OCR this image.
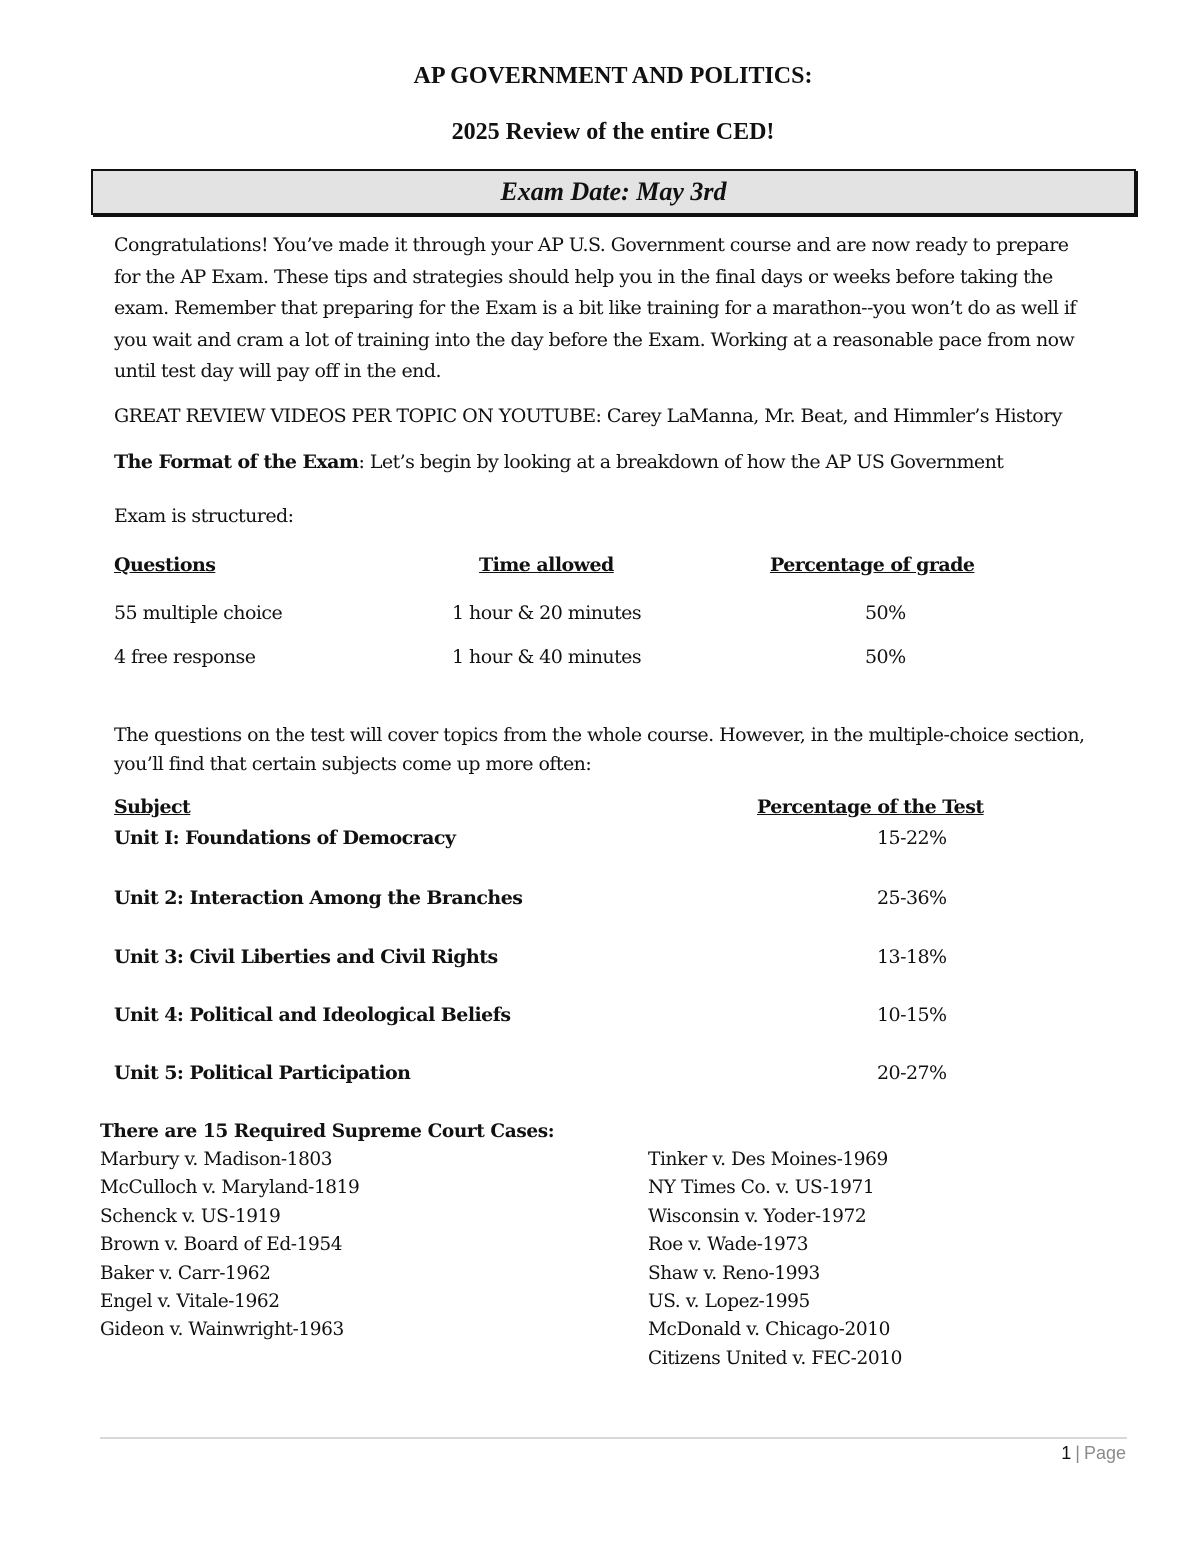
AP GOVERNMENT AND POLITICS:
2025 Review of the entire CED!
Exam Date: May 3rd

Congratulations! You’ve made it through your AP U.S. Government course and are now ready to prepare for the AP Exam. These tips and strategies should help you in the final days or weeks before taking the exam. Remember that preparing for the Exam is a bit like training for a marathon--you won’t do as well if you wait and cram a lot of training into the day before the Exam. Working at a reasonable pace from now until test day will pay off in the end.

GREAT REVIEW VIDEOS PER TOPIC ON YOUTUBE: Carey LaManna, Mr. Beat, and Himmler’s History
The Format of the Exam: Let’s begin by looking at a breakdown of how the AP US Government
Exam is structured:
Questions	Time allowed	Percentage of grade
55 multiple choice	1 hour & 20 minutes	50%
4 free response	1 hour & 40 minutes	50%

The questions on the test will cover topics from the whole course. However, in the multiple-choice section, you’ll find that certain subjects come up more often:

Subject	Percentage of the Test
Unit I: Foundations of Democracy	15-22%
Unit 2: Interaction Among the Branches	25-36%
Unit 3: Civil Liberties and Civil Rights	13-18%
Unit 4: Political and Ideological Beliefs	10-15%
Unit 5: Political Participation	20-27%
There are 15 Required Supreme Court Cases:
Marbury v. Madison-1803
McCulloch v. Maryland-1819
Schenck v. US-1919
Brown v. Board of Ed-1954
Baker v. Carr-1962
Engel v. Vitale-1962
Gideon v. Wainwright-1963
Tinker v. Des Moines-1969
NY Times Co. v. US-1971
Wisconsin v. Yoder-1972
Roe v. Wade-1973
Shaw v. Reno-1993
US. v. Lopez-1995
McDonald v. Chicago-2010
Citizens United v. FEC-2010
1 | Page
